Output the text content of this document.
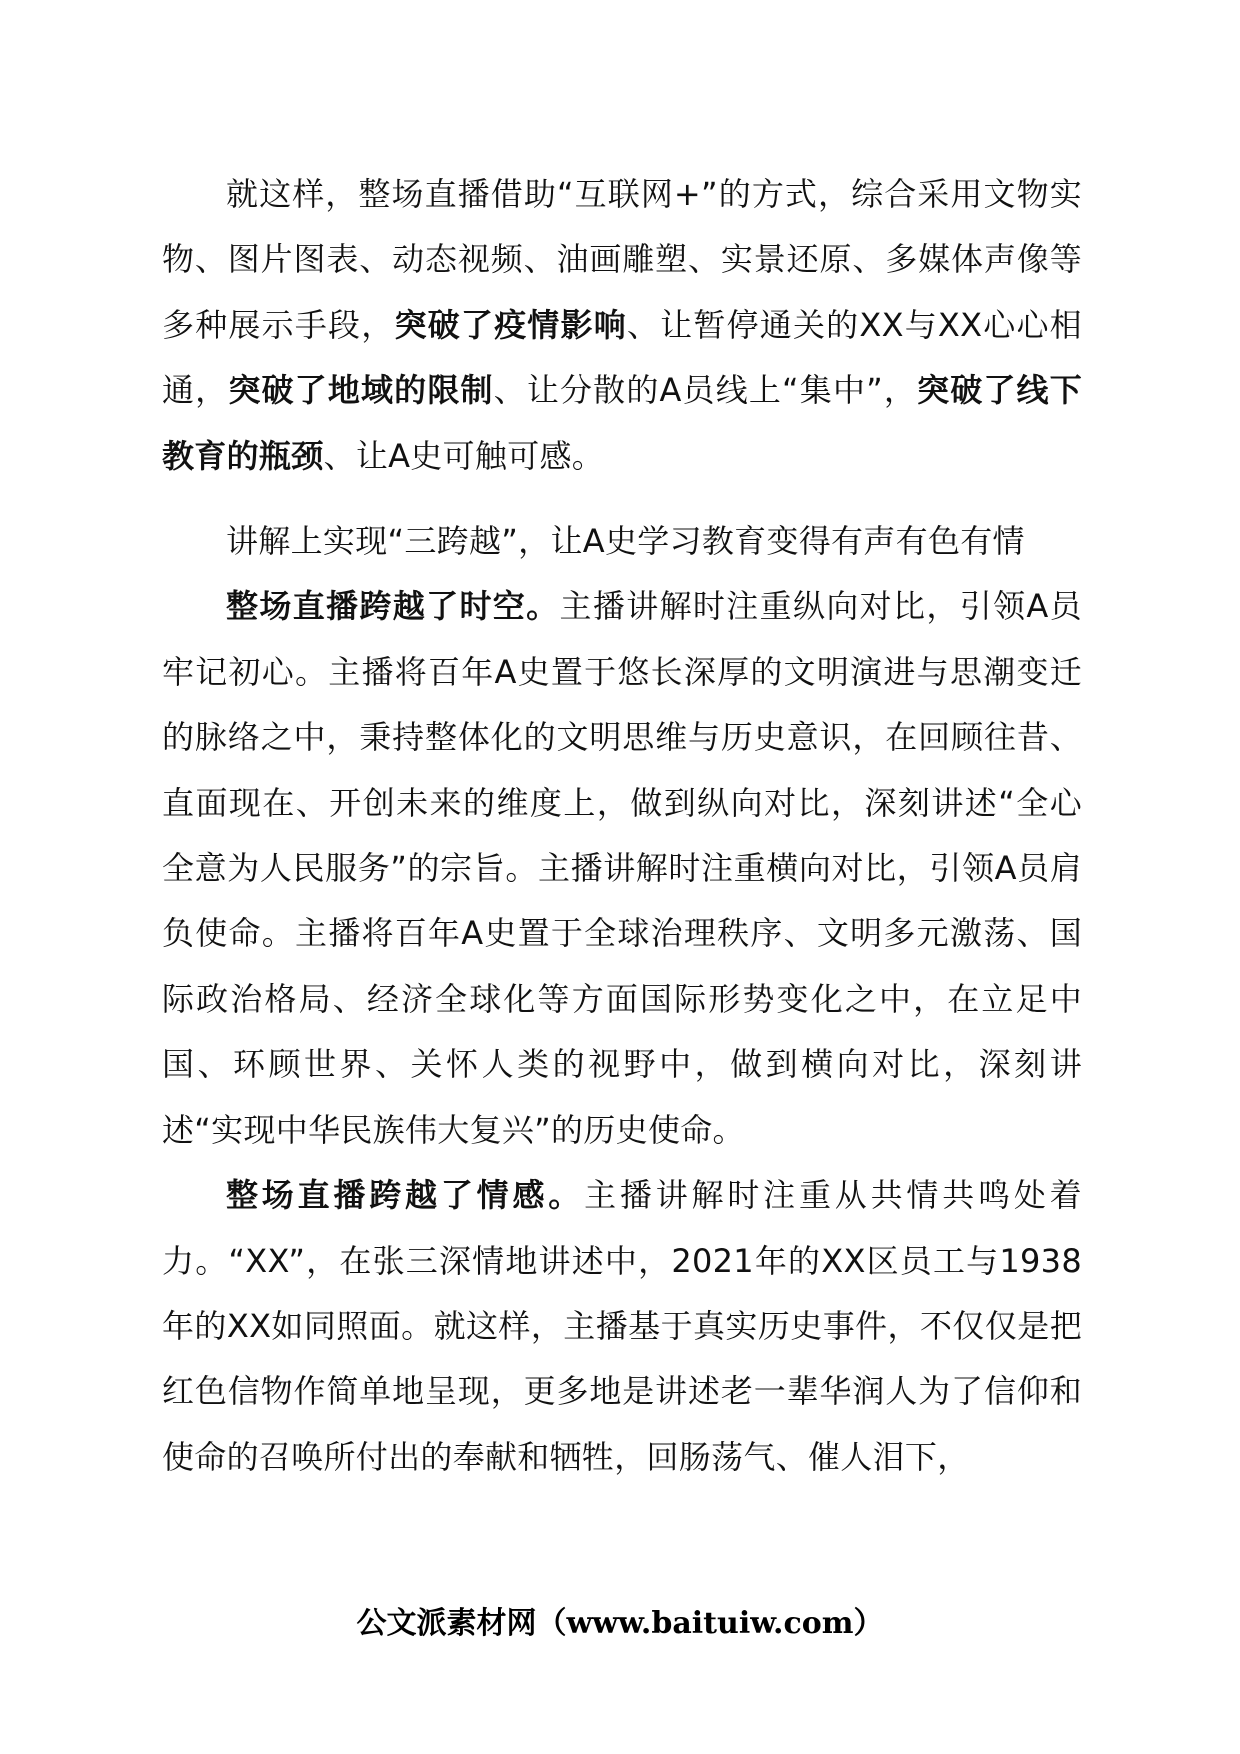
就这样，整场直播借助“互联网+”的方式，综合采用文物实物、图片图表、动态视频、油画雕塑、实景还原、多媒体声像等多种展示手段，突破了疫情影响、让暂停通关的XX与XX心心相通，突破了地域的限制、让分散的A员线上“集中”，突破了线下教育的瓶颈、让A史可触可感。

讲解上实现“三跨越”，让A史学习教育变得有声有色有情

整场直播跨越了时空。主播讲解时注重纵向对比，引领A员牢记初心。主播将百年A史置于悠长深厚的文明演进与思潮变迁的脉络之中，秉持整体化的文明思维与历史意识，在回顾往昔、直面现在、开创未来的维度上，做到纵向对比，深刻讲述“全心全意为人民服务”的宗旨。主播讲解时注重横向对比，引领A员肩负使命。主播将百年A史置于全球治理秩序、文明多元激荡、国际政治格局、经济全球化等方面国际形势变化之中，在立足中国、环顾世界、关怀人类的视野中，做到横向对比，深刻讲述“实现中华民族伟大复兴”的历史使命。

整场直播跨越了情感。主播讲解时注重从共情共鸣处着力。“XX”，在张三深情地讲述中，2021年的XX区员工与1938年的XX如同照面。就这样，主播基于真实历史事件，不仅仅是把红色信物作简单地呈现，更多地是讲述老一辈华润人为了信仰和使命的召唤所付出的奉献和牺牲，回肠荡气、催人泪下，

公文派素材网（www.baituiw.com）
